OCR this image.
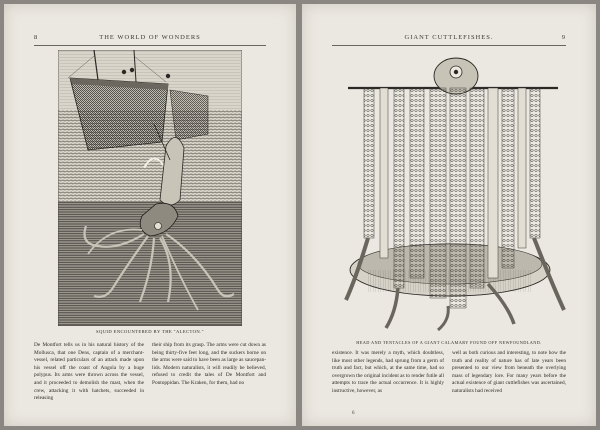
8	THE WORLD OF WONDERS
SQUID ENCOUNTERED BY THE "ALECTON."

De Montfort tells us in his natural history of the Mollusca, that one Dens, captain of a merchant-vessel, related particulars of an attack made upon his vessel off the coast of Angola by a huge polypus. Its arms were thrown across the vessel, and it proceeded to demolish the mast, when the crew, attacking it with hatchets, succeeded in releasing

their ship from its grasp. The arms were cut down as being thirty-five feet long, and the suckers borne on the arms were said to have been as large as saucepan-lids. Modern naturalists, it will readily be believed, refused to credit the tales of De Montfort and Pontoppidan. The Kraken, for them, had no

GIANT CUTTLEFISHES.	9
HEAD AND TENTACLES OF A GIANT CALAMARY FOUND OFF NEWFOUNDLAND.

existence. It was merely a myth, which doubtless, like most other legends, had sprung from a germ of truth and fact, but which, at the same time, had so overgrown the original incident as to render futile all attempts to trace the actual occurrence. It is highly instructive, however, as

well as both curious and interesting, to note how the truth and reality of nature has of late years been presented to our view from beneath the overlying mass of legendary lore. For many years before the actual existence of giant cuttlefishes was ascertained, naturalists had received

6
